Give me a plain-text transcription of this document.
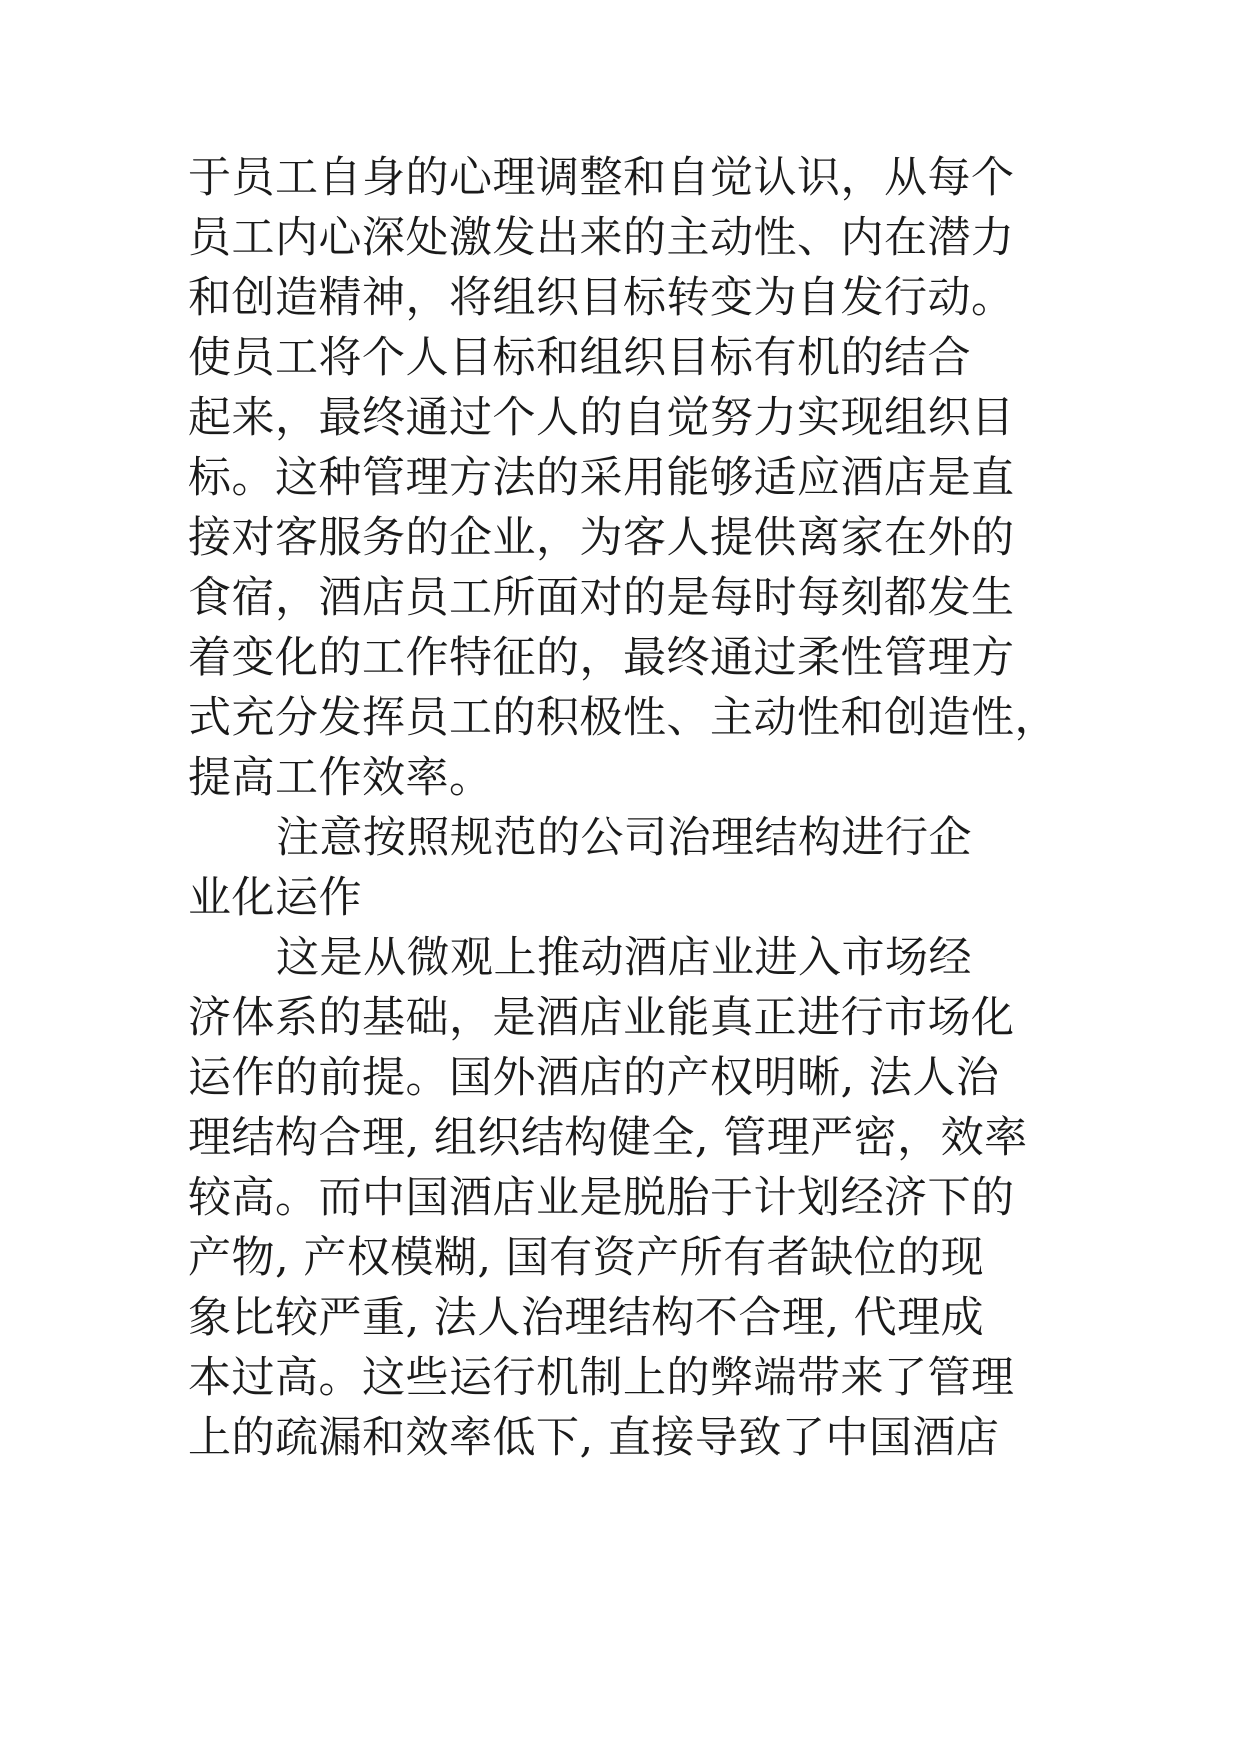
于员工自身的心理调整和自觉认识，从每个
员工内心深处激发出来的主动性、内在潜力
和创造精神，将组织目标转变为自发行动。
使员工将个人目标和组织目标有机的结合
起来，最终通过个人的自觉努力实现组织目
标。这种管理方法的采用能够适应酒店是直
接对客服务的企业，为客人提供离家在外的
食宿，酒店员工所面对的是每时每刻都发生
着变化的工作特征的，最终通过柔性管理方
式充分发挥员工的积极性、主动性和创造性，
提高工作效率。
注意按照规范的公司治理结构进行企
业化运作
这是从微观上推动酒店业进入市场经
济体系的基础，是酒店业能真正进行市场化
运作的前提。国外酒店的产权明晰, 法人治
理结构合理, 组织结构健全, 管理严密，效率
较高。而中国酒店业是脱胎于计划经济下的
产物, 产权模糊, 国有资产所有者缺位的现
象比较严重, 法人治理结构不合理, 代理成
本过高。这些运行机制上的弊端带来了管理
上的疏漏和效率低下, 直接导致了中国酒店
